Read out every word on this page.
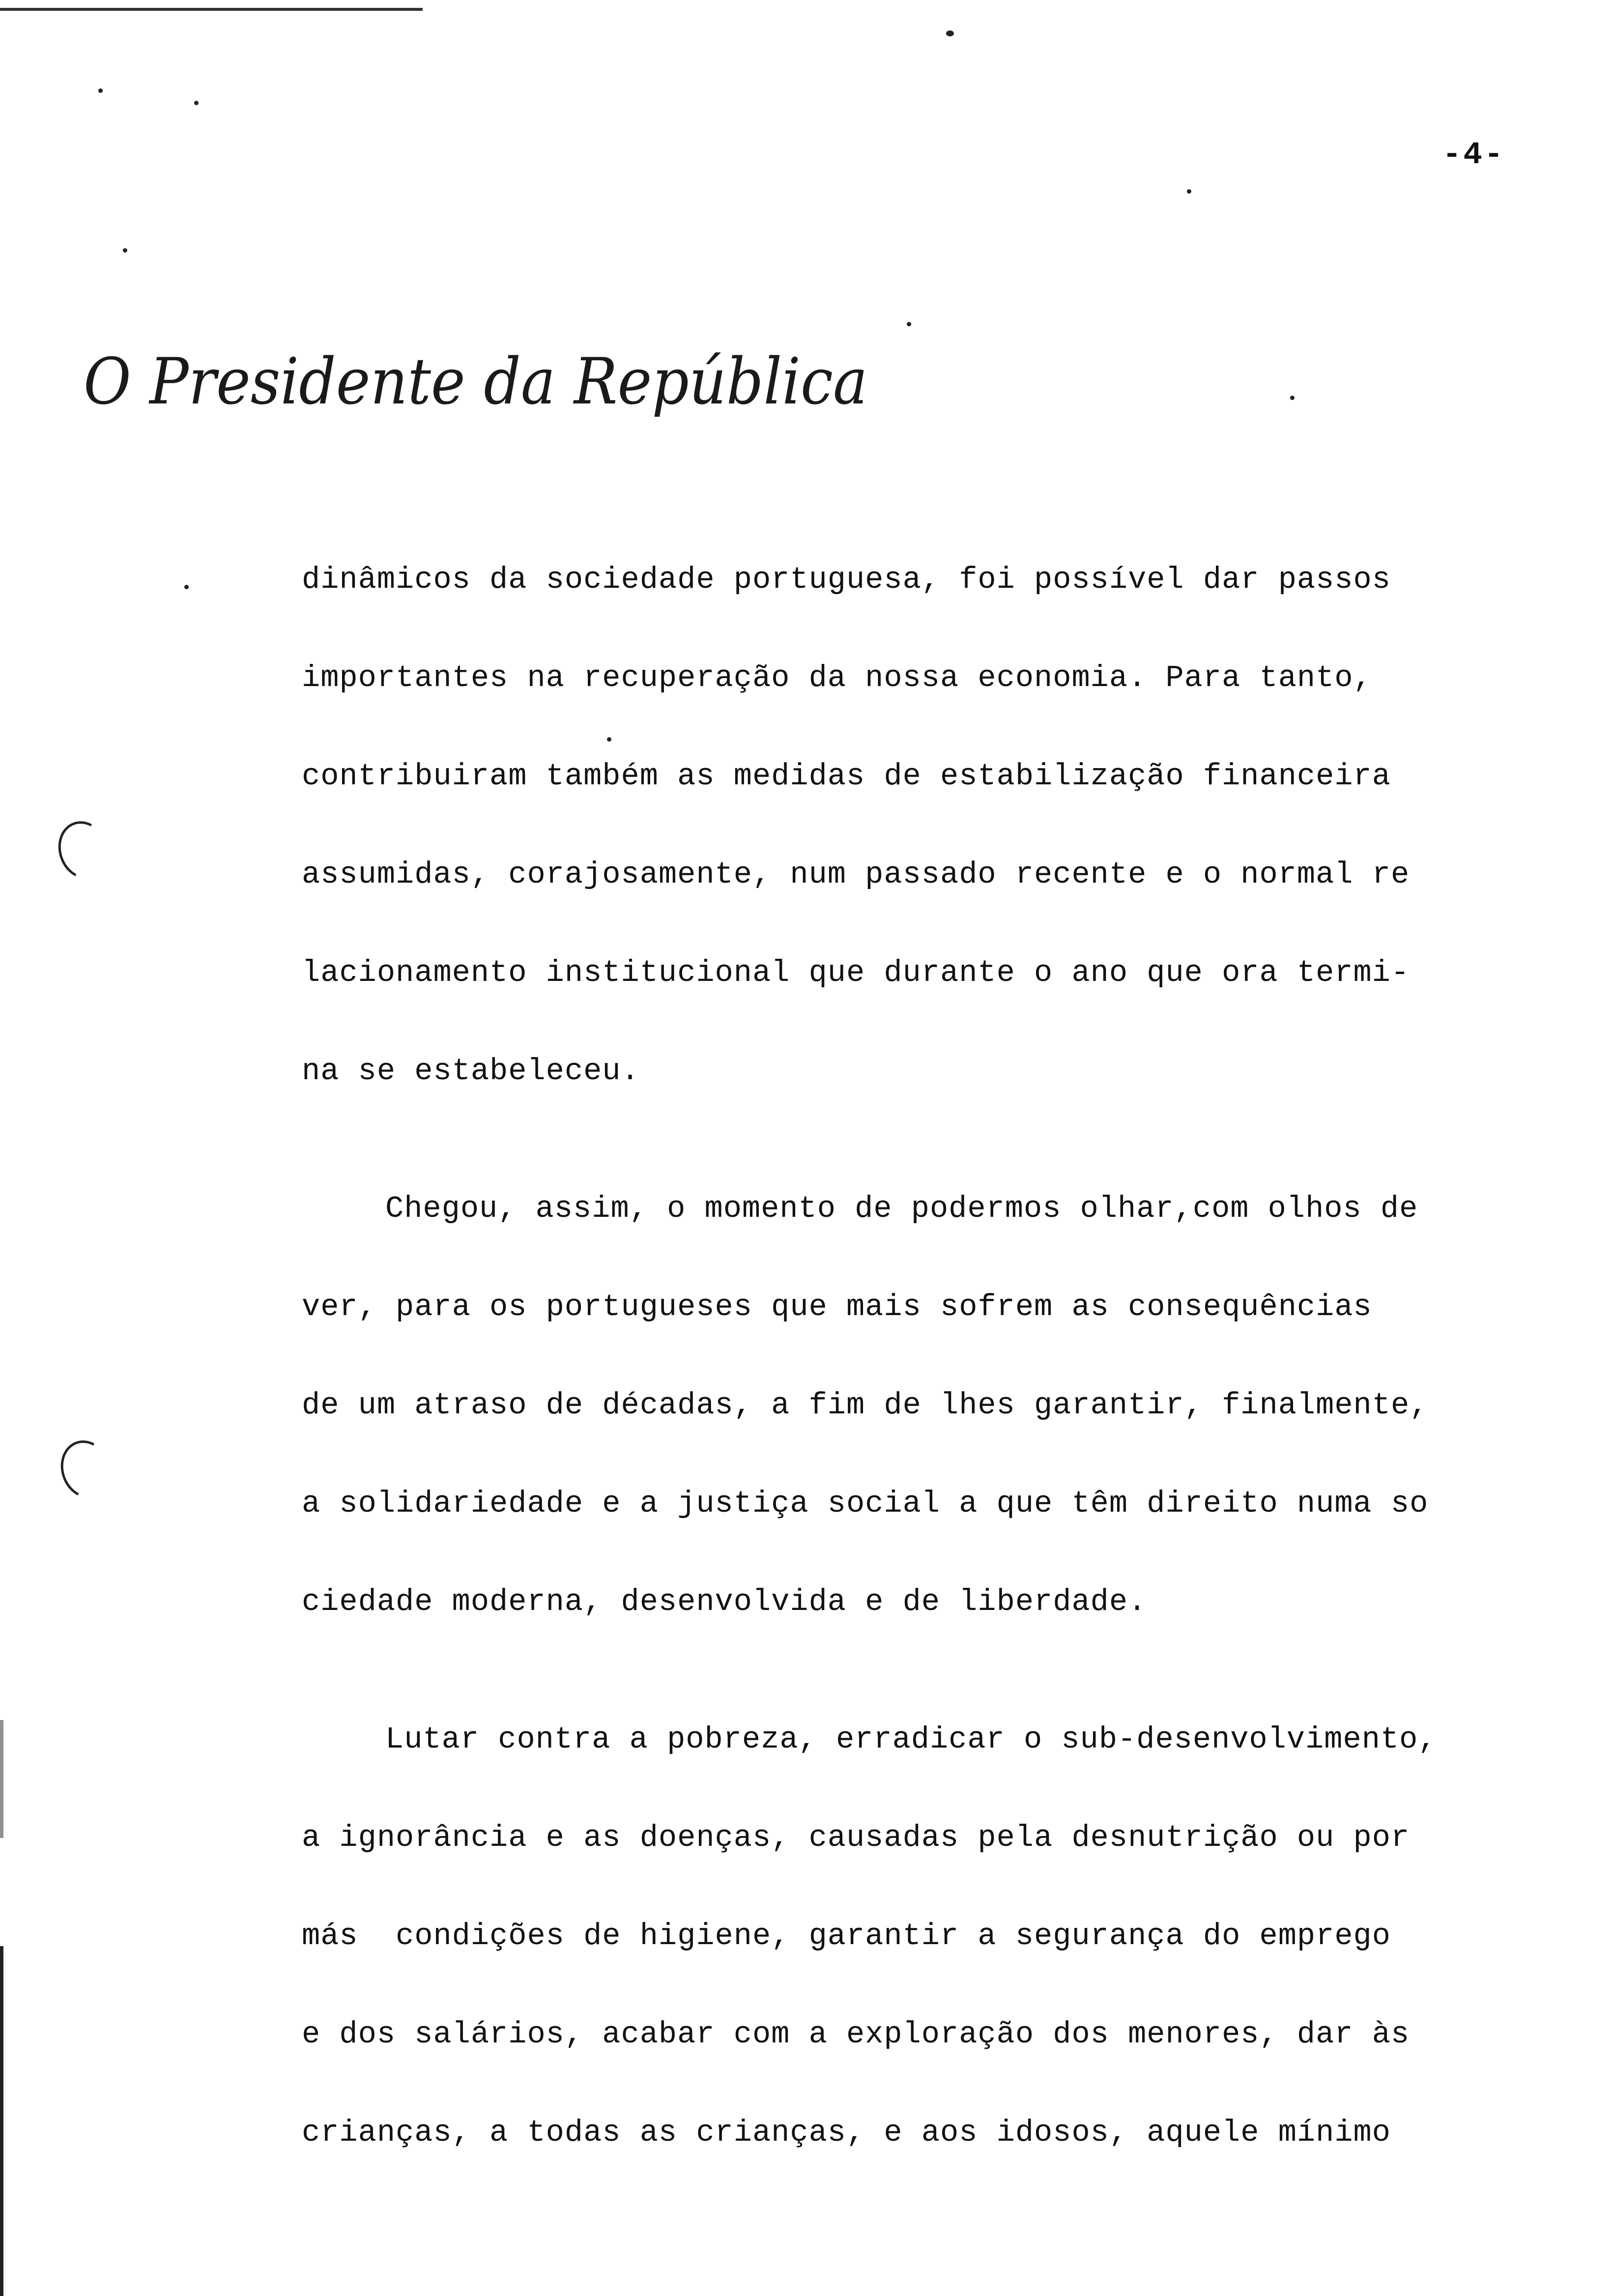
-4-
O Presidente da República
dinâmicos da sociedade portuguesa, foi possível dar passos
importantes na recuperação da nossa economia. Para tanto,
contribuiram também as medidas de estabilização financeira
assumidas, corajosamente, num passado recente e o normal re
lacionamento institucional que durante o ano que ora termi-
na se estabeleceu.
Chegou, assim, o momento de podermos olhar,com olhos de
ver, para os portugueses que mais sofrem as consequências
de um atraso de décadas, a fim de lhes garantir, finalmente,
a solidariedade e a justiça social a que têm direito numa so
ciedade moderna, desenvolvida e de liberdade.
Lutar contra a pobreza, erradicar o sub-desenvolvimento,
a ignorância e as doenças, causadas pela desnutrição ou por
más  condições de higiene, garantir a segurança do emprego
e dos salários, acabar com a exploração dos menores, dar às
crianças, a todas as crianças, e aos idosos, aquele mínimo
